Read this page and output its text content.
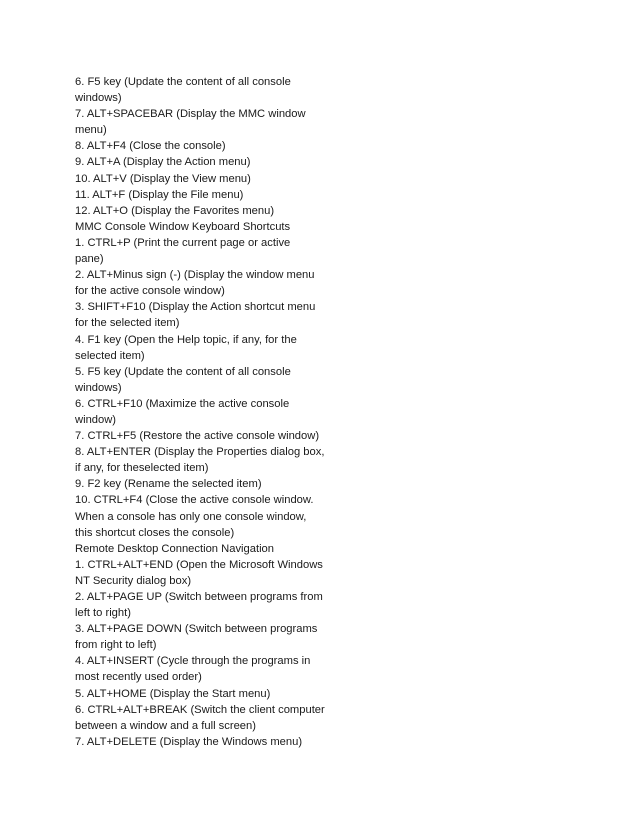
6. F5 key (Update the content of all console
windows)
7. ALT+SPACEBAR (Display the MMC window
menu)
8. ALT+F4 (Close the console)
9. ALT+A (Display the Action menu)
10. ALT+V (Display the View menu)
11. ALT+F (Display the File menu)
12. ALT+O (Display the Favorites menu)
MMC Console Window Keyboard Shortcuts
1. CTRL+P (Print the current page or active
pane)
2. ALT+Minus sign (-) (Display the window menu
for the active console window)
3. SHIFT+F10 (Display the Action shortcut menu
for the selected item)
4. F1 key (Open the Help topic, if any, for the
selected item)
5. F5 key (Update the content of all console
windows)
6. CTRL+F10 (Maximize the active console
window)
7. CTRL+F5 (Restore the active console window)
8. ALT+ENTER (Display the Properties dialog box,
if any, for theselected item)
9. F2 key (Rename the selected item)
10. CTRL+F4 (Close the active console window.
When a console has only one console window,
this shortcut closes the console)
Remote Desktop Connection Navigation
1. CTRL+ALT+END (Open the Microsoft Windows
NT Security dialog box)
2. ALT+PAGE UP (Switch between programs from
left to right)
3. ALT+PAGE DOWN (Switch between programs
from right to left)
4. ALT+INSERT (Cycle through the programs in
most recently used order)
5. ALT+HOME (Display the Start menu)
6. CTRL+ALT+BREAK (Switch the client computer
between a window and a full screen)
7. ALT+DELETE (Display the Windows menu)
